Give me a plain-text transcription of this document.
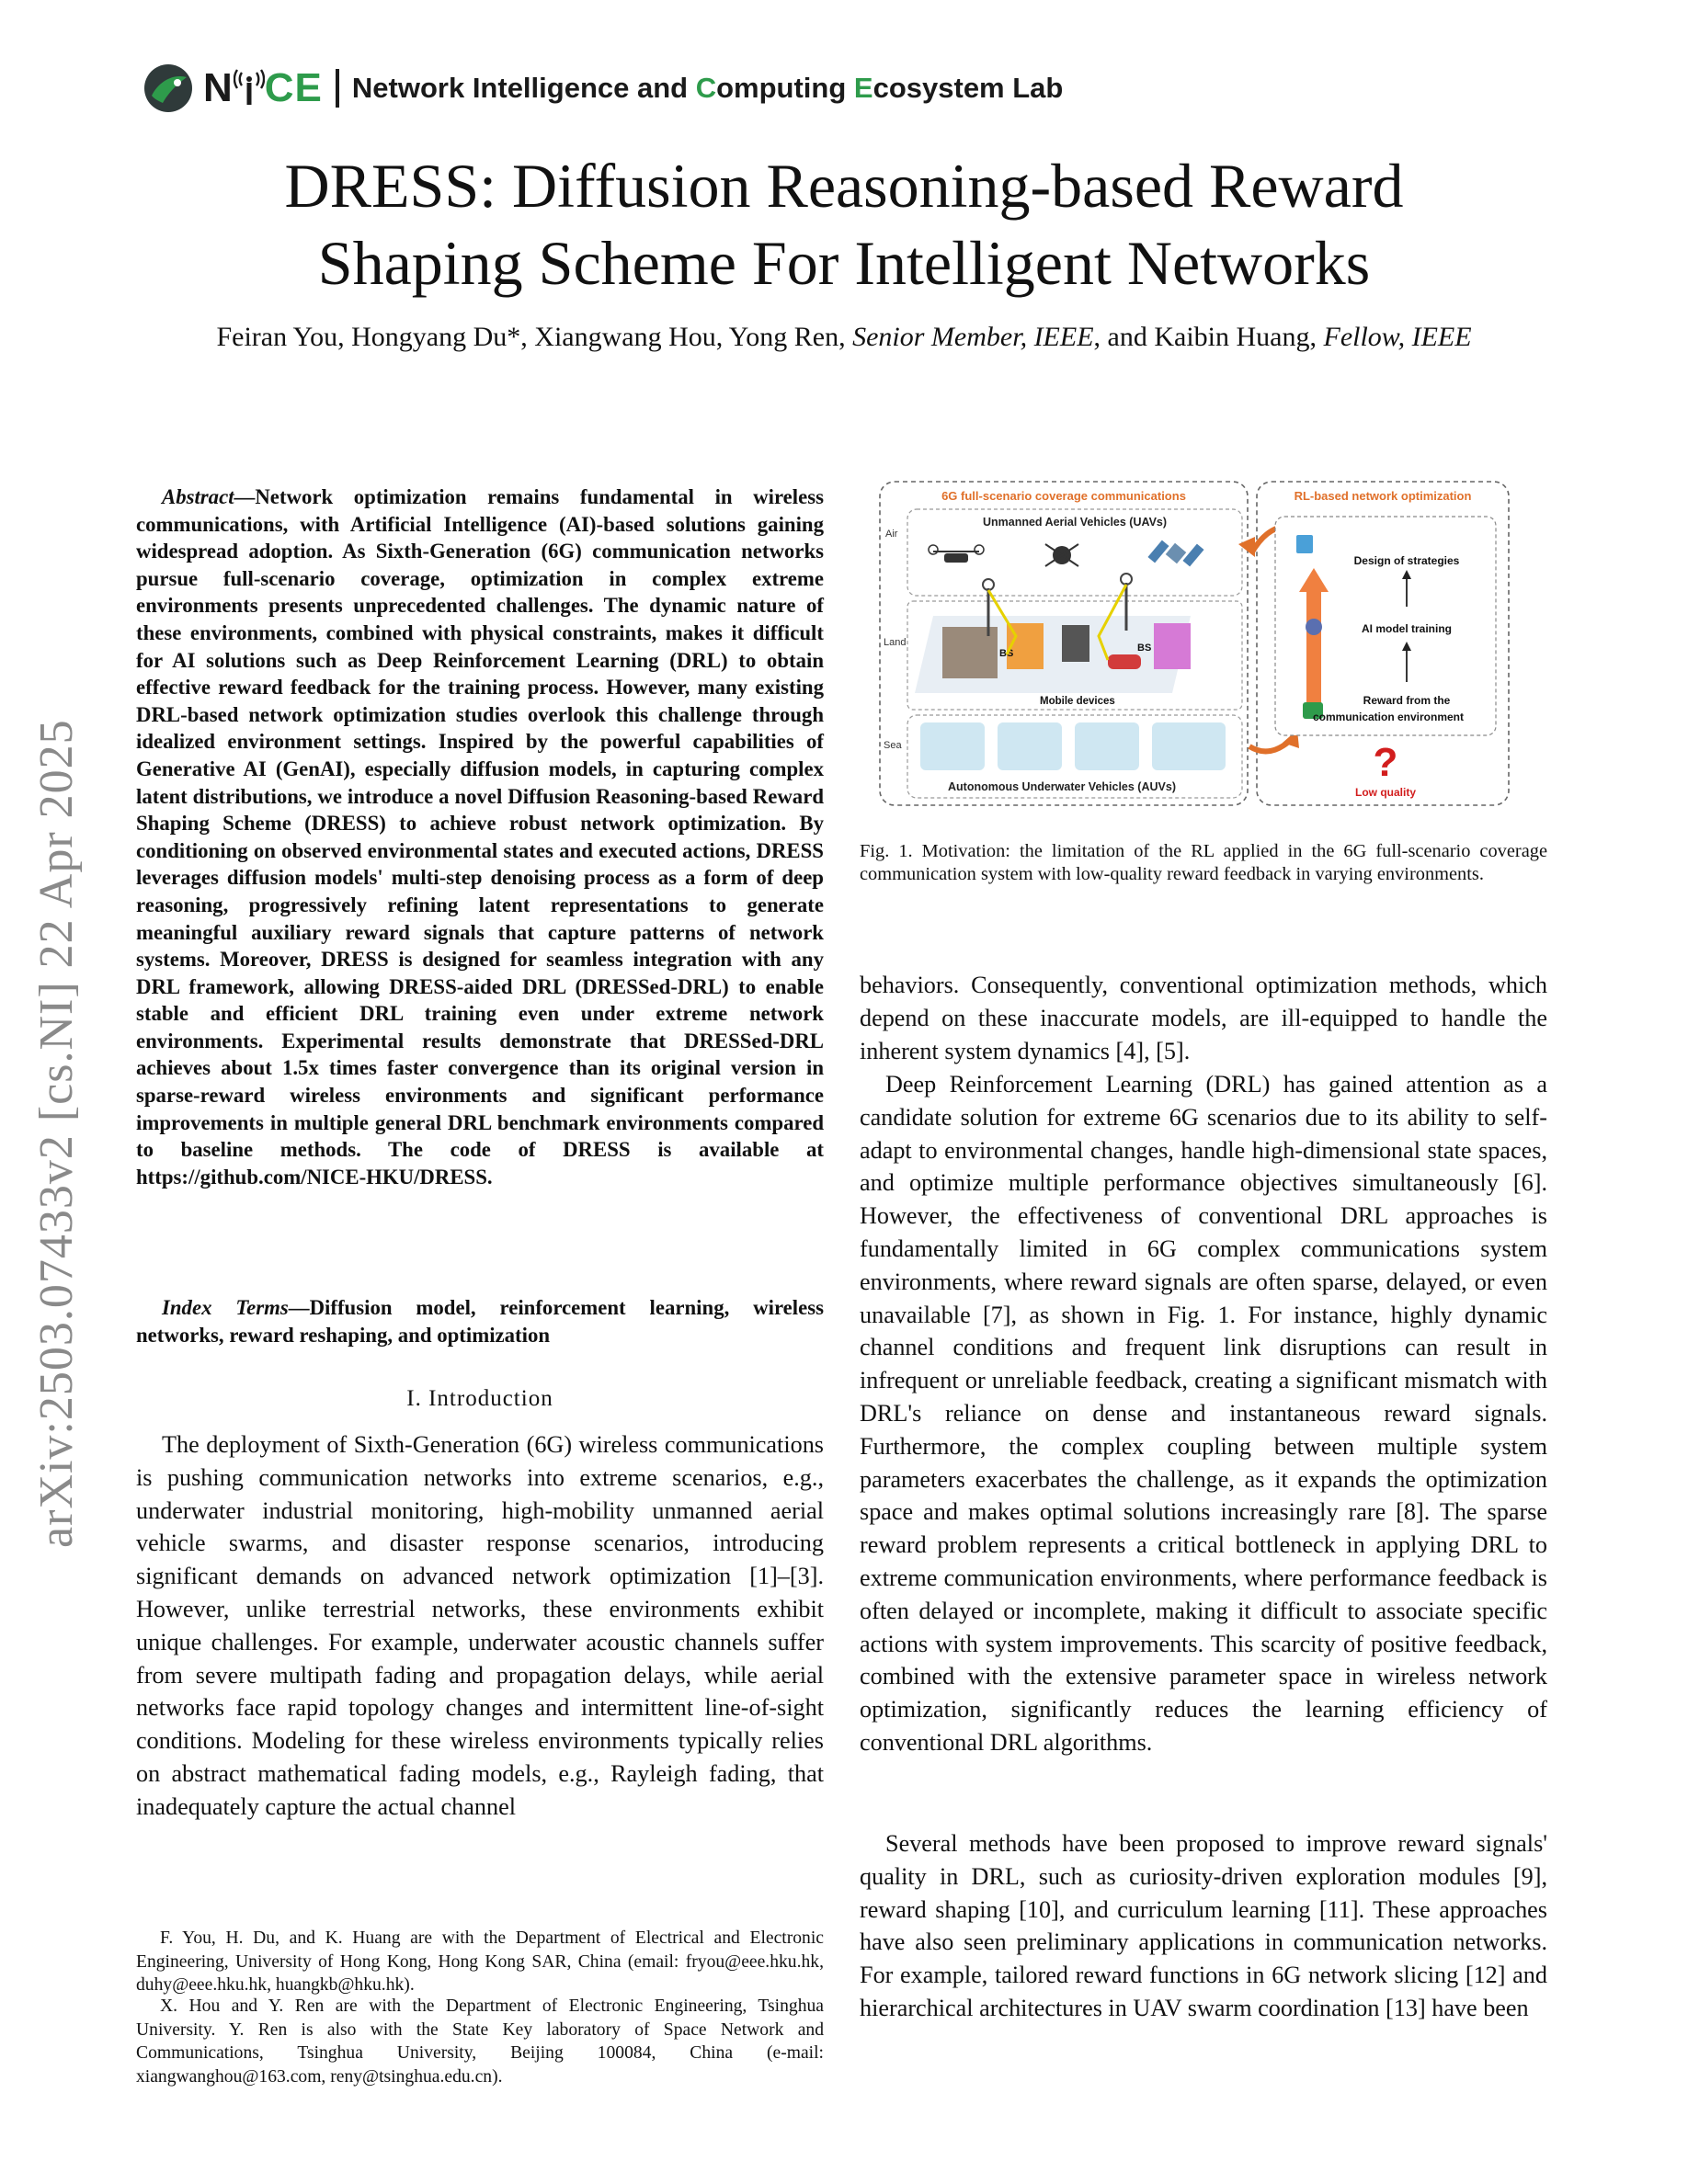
N CE Network Intelligence and Computing Ecosystem Lab
DRESS: Diffusion Reasoning-based Reward
Shaping Scheme For Intelligent Networks
Feiran You, Hongyang Du*, Xiangwang Hou, Yong Ren, Senior Member, IEEE, and Kaibin Huang, Fellow, IEEE
arXiv:2503.07433v2 [cs.NI] 22 Apr 2025

Abstract—Network optimization remains fundamental in wireless communications, with Artificial Intelligence (AI)-based solutions gaining widespread adoption. As Sixth-Generation (6G) communication networks pursue full-scenario coverage, optimization in complex extreme environments presents unprecedented challenges. The dynamic nature of these environments, combined with physical constraints, makes it difficult for AI solutions such as Deep Reinforcement Learning (DRL) to obtain effective reward feedback for the training process. However, many existing DRL-based network optimization studies overlook this challenge through idealized environment settings. Inspired by the powerful capabilities of Generative AI (GenAI), especially diffusion models, in capturing complex latent distributions, we introduce a novel Diffusion Reasoning-based Reward Shaping Scheme (DRESS) to achieve robust network optimization. By conditioning on observed environmental states and executed actions, DRESS leverages diffusion models' multi-step denoising process as a form of deep reasoning, progressively refining latent representations to generate meaningful auxiliary reward signals that capture patterns of network systems. Moreover, DRESS is designed for seamless integration with any DRL framework, allowing DRESS-aided DRL (DRESSed-DRL) to enable stable and efficient DRL training even under extreme network environments. Experimental results demonstrate that DRESSed-DRL achieves about 1.5x times faster convergence than its original version in sparse-reward wireless environments and significant performance improvements in multiple general DRL benchmark environments compared to baseline methods. The code of DRESS is available at https://github.com/NICE-HKU/DRESS.

Index Terms—Diffusion model, reinforcement learning, wireless networks, reward reshaping, and optimization

I. Introduction

The deployment of Sixth-Generation (6G) wireless communications is pushing communication networks into extreme scenarios, e.g., underwater industrial monitoring, high-mobility unmanned aerial vehicle swarms, and disaster response scenarios, introducing significant demands on advanced network optimization [1]–[3]. However, unlike terrestrial networks, these environments exhibit unique challenges. For example, underwater acoustic channels suffer from severe multipath fading and propagation delays, while aerial networks face rapid topology changes and intermittent line-of-sight conditions. Modeling for these wireless environments typically relies on abstract mathematical fading models, e.g., Rayleigh fading, that inadequately capture the actual channel

F. You, H. Du, and K. Huang are with the Department of Electrical and Electronic Engineering, University of Hong Kong, Hong Kong SAR, China (email: fryou@eee.hku.hk, duhy@eee.hku.hk, huangkb@hku.hk).

X. Hou and Y. Ren are with the Department of Electronic Engineering, Tsinghua University. Y. Ren is also with the State Key laboratory of Space Network and Communications, Tsinghua University, Beijing 100084, China (e-mail: xiangwanghou@163.com, reny@tsinghua.edu.cn).

6G full-scenario coverage communications	RL-based network optimization
Unmanned Aerial Vehicles (UAVs)
Air
Land
BS	BS
Mobile devices
Sea
Autonomous Underwater Vehicles (AUVs)
Design of strategies
AI model training
Reward from the
communication environment
?
Low quality

Fig. 1. Motivation: the limitation of the RL applied in the 6G full-scenario coverage communication system with low-quality reward feedback in varying environments.

behaviors. Consequently, conventional optimization methods, which depend on these inaccurate models, are ill-equipped to handle the inherent system dynamics [4], [5].

Deep Reinforcement Learning (DRL) has gained attention as a candidate solution for extreme 6G scenarios due to its ability to self-adapt to environmental changes, handle high-dimensional state spaces, and optimize multiple performance objectives simultaneously [6]. However, the effectiveness of conventional DRL approaches is fundamentally limited in 6G complex communications system environments, where reward signals are often sparse, delayed, or even unavailable [7], as shown in Fig. 1. For instance, highly dynamic channel conditions and frequent link disruptions can result in infrequent or unreliable feedback, creating a significant mismatch with DRL's reliance on dense and instantaneous reward signals. Furthermore, the complex coupling between multiple system parameters exacerbates the challenge, as it expands the optimization space and makes optimal solutions increasingly rare [8]. The sparse reward problem represents a critical bottleneck in applying DRL to extreme communication environments, where performance feedback is often delayed or incomplete, making it difficult to associate specific actions with system improvements. This scarcity of positive feedback, combined with the extensive parameter space in wireless network optimization, significantly reduces the learning efficiency of conventional DRL algorithms.

Several methods have been proposed to improve reward signals' quality in DRL, such as curiosity-driven exploration modules [9], reward shaping [10], and curriculum learning [11]. These approaches have also seen preliminary applications in communication networks. For example, tailored reward functions in 6G network slicing [12] and hierarchical architectures in UAV swarm coordination [13] have been
